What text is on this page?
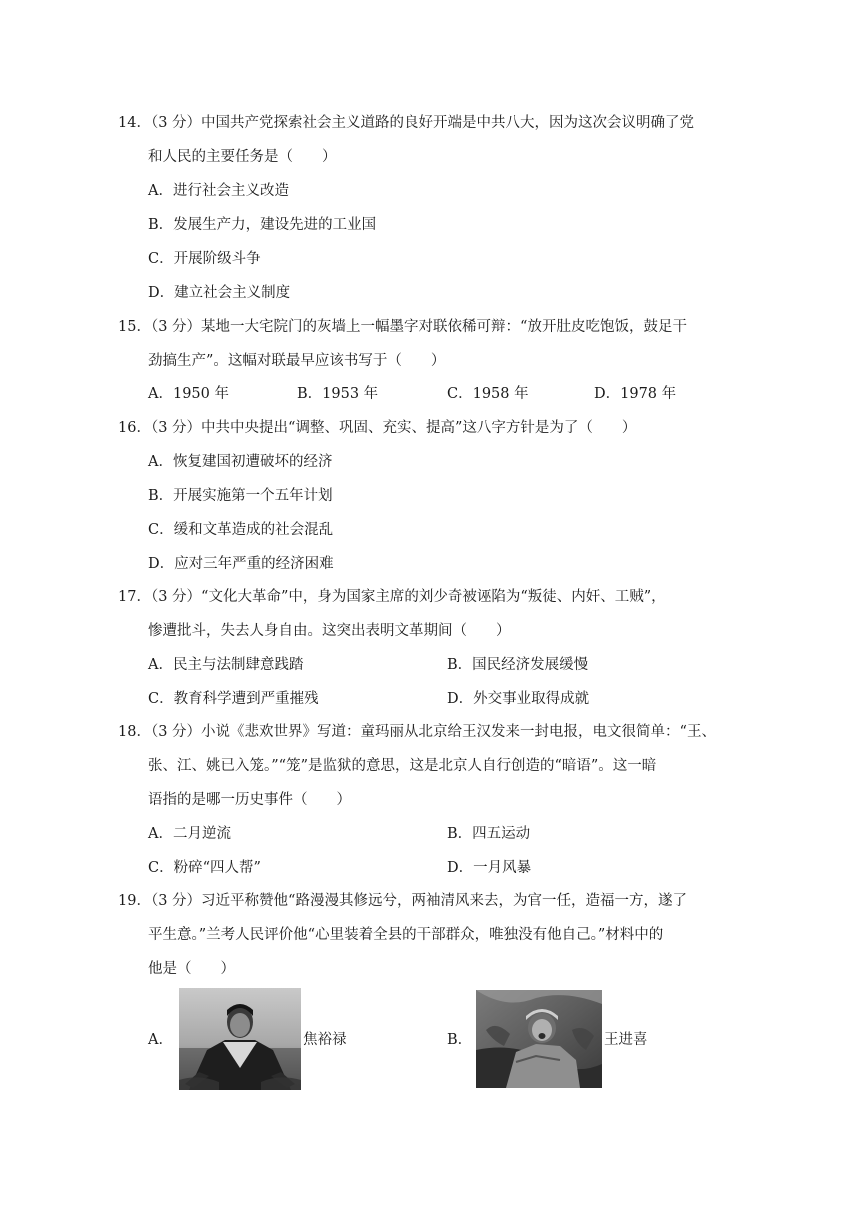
14．（3 分）中国共产党探索社会主义道路的良好开端是中共八大，因为这次会议明确了党
和人民的主要任务是（　　）
A．进行社会主义改造
B．发展生产力，建设先进的工业国
C．开展阶级斗争
D．建立社会主义制度
15．（3 分）某地一大宅院门的灰墙上一幅墨字对联依稀可辩：“放开肚皮吃饱饭，鼓足干
劲搞生产”。这幅对联最早应该书写于（　　）
A．1950 年	B．1953 年	C．1958 年	D．1978 年
16．（3 分）中共中央提出“调整、巩固、充实、提高”这八字方针是为了（　　）
A．恢复建国初遭破坏的经济
B．开展实施第一个五年计划
C．缓和文革造成的社会混乱
D．应对三年严重的经济困难
17．（3 分）“文化大革命”中，身为国家主席的刘少奇被诬陷为“叛徒、内奸、工贼”，
惨遭批斗，失去人身自由。这突出表明文革期间（　　）
A．民主与法制肆意践踏	B．国民经济发展缓慢
C．教育科学遭到严重摧残	D．外交事业取得成就
18．（3 分）小说《悲欢世界》写道：童玛丽从北京给王汉发来一封电报，电文很简单：“王、
张、江、姚已入笼。”“笼”是监狱的意思，这是北京人自行创造的“暗语”。这一暗
语指的是哪一历史事件（　　）
A．二月逆流	B．四五运动
C．粉碎“四人帮”	D．一月风暴
19．（3 分）习近平称赞他“路漫漫其修远兮，两袖清风来去，为官一任，造福一方，遂了
平生意。”兰考人民评价他“心里装着全县的干部群众，唯独没有他自己。”材料中的
他是（　　）
A．	焦裕禄	B．	王进喜
